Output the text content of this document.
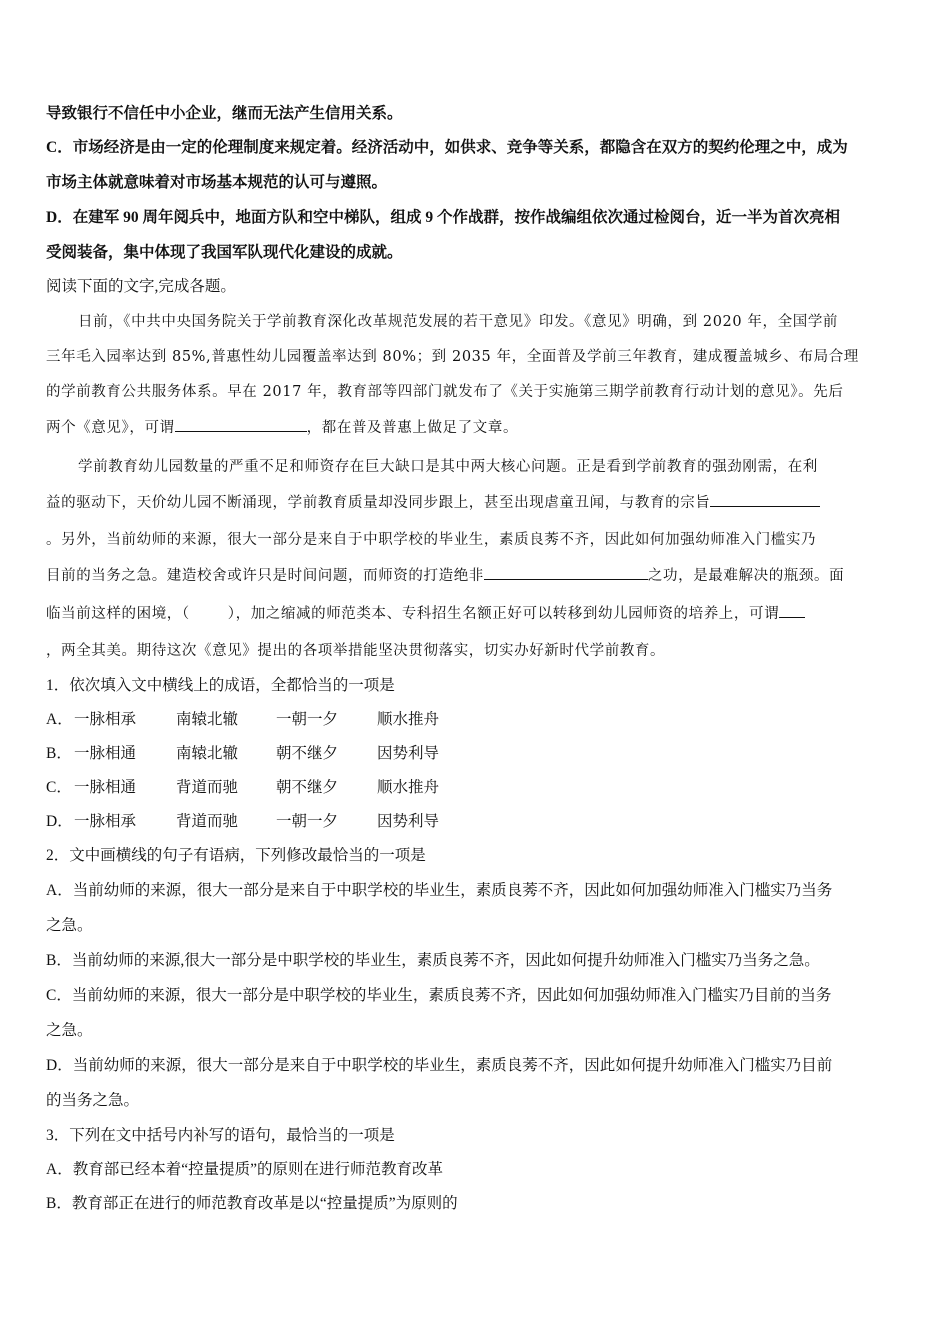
导致银行不信任中小企业，继而无法产生信用关系。
C．市场经济是由一定的伦理制度来规定着。经济活动中，如供求、竞争等关系，都隐含在双方的契约伦理之中，成为
市场主体就意味着对市场基本规范的认可与遵照。
D．在建军 90 周年阅兵中，地面方队和空中梯队，组成 9 个作战群，按作战编组依次通过检阅台，近一半为首次亮相
受阅装备，集中体现了我国军队现代化建设的成就。
阅读下面的文字,完成各题。
日前，《中共中央国务院关于学前教育深化改革规范发展的若干意见》印发。《意见》明确，到 2020 年，全国学前
三年毛入园率达到 85%,普惠性幼儿园覆盖率达到 80%；到 2035 年，全面普及学前三年教育，建成覆盖城乡、布局合理
的学前教育公共服务体系。早在 2017 年，教育部等四部门就发布了《关于实施第三期学前教育行动计划的意见》。先后
两个《意见》，可谓	，都在普及普惠上做足了文章。
学前教育幼儿园数量的严重不足和师资存在巨大缺口是其中两大核心问题。正是看到学前教育的强劲刚需，在利
益的驱动下，天价幼儿园不断涌现，学前教育质量却没同步跟上，甚至出现虐童丑闻，与教育的宗旨
。另外，当前幼师的来源，很大一部分是来自于中职学校的毕业生，素质良莠不齐，因此如何加强幼师准入门槛实乃
目前的当务之急。建造校舍或许只是时间问题，而师资的打造绝非	之功，是最难解决的瓶颈。面
临当前这样的困境，（	），加之缩减的师范类本、专科招生名额正好可以转移到幼儿园师资的培养上，可谓
，两全其美。期待这次《意见》提出的各项举措能坚决贯彻落实，切实办好新时代学前教育。
1．依次填入文中横线上的成语，全都恰当的一项是
A． 一脉相承	南辕北辙 一朝一夕	顺水推舟
B． 一脉相通	南辕北辙 朝不继夕	因势利导
C． 一脉相通	背道而驰 朝不继夕	顺水推舟
D． 一脉相承	背道而驰 一朝一夕	因势利导
2．文中画横线的句子有语病，下列修改最恰当的一项是
A．当前幼师的来源，很大一部分是来自于中职学校的毕业生，素质良莠不齐，因此如何加强幼师准入门槛实乃当务
之急。
B．当前幼师的来源,很大一部分是中职学校的毕业生，素质良莠不齐，因此如何提升幼师准入门槛实乃当务之急。
C．当前幼师的来源，很大一部分是中职学校的毕业生，素质良莠不齐，因此如何加强幼师准入门槛实乃目前的当务
之急。
D．当前幼师的来源，很大一部分是来自于中职学校的毕业生，素质良莠不齐，因此如何提升幼师准入门槛实乃目前
的当务之急。
3．下列在文中括号内补写的语句，最恰当的一项是
A．教育部已经本着“控量提质”的原则在进行师范教育改革
B．教育部正在进行的师范教育改革是以“控量提质”为原则的
